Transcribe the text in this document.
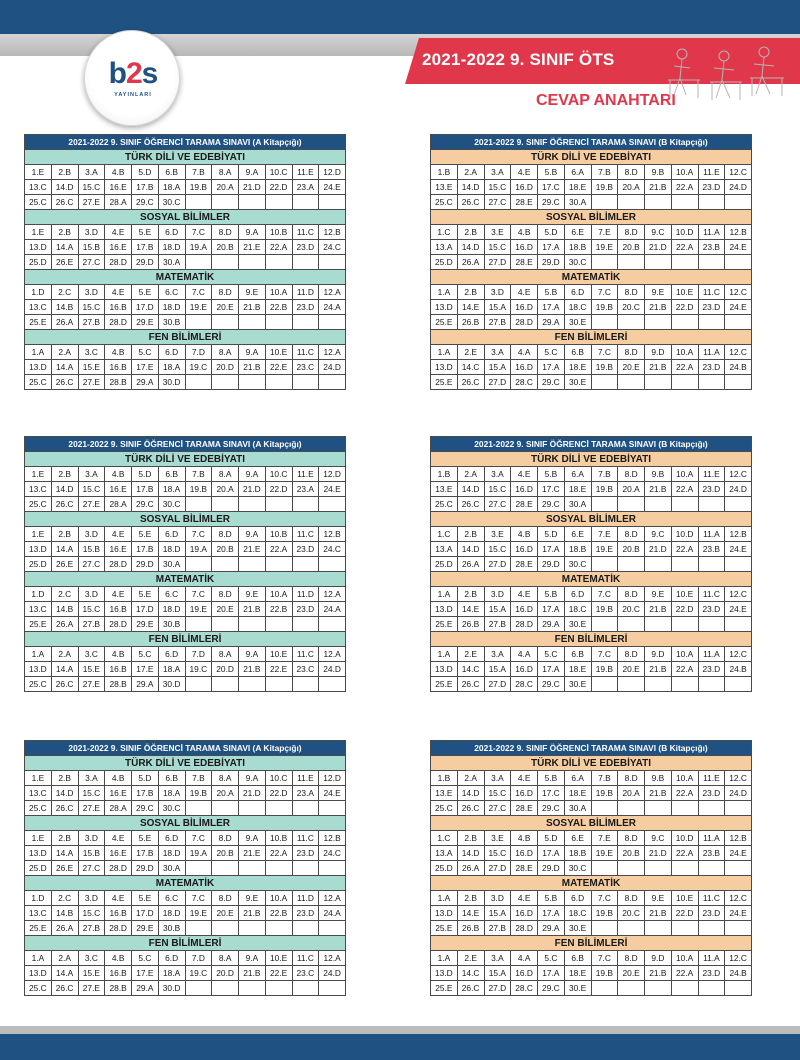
2021-2022 9. SINIF ÖTS
CEVAP ANAHTARI
b2s
YAYINLARI
2021-2022 9. SINIF ÖĞRENCİ TARAMA SINAVI (A Kitapçığı)											
TÜRK DİLİ VE EDEBİYATI											
1.E	2.B	3.A	4.B	5.D	6.B	7.B	8.A	9.A	10.C	11.E	12.D
13.C	14.D	15.C	16.E	17.B	18.A	19.B	20.A	21.D	22.D	23.A	24.E
25.C	26.C	27.E	28.A	29.C	30.C						
SOSYAL BİLİMLER											
1.E	2.B	3.D	4.E	5.E	6.D	7.C	8.D	9.A	10.B	11.C	12.B
13.D	14.A	15.B	16.E	17.B	18.D	19.A	20.B	21.E	22.A	23.D	24.C
25.D	26.E	27.C	28.D	29.D	30.A						
MATEMATİK											
1.D	2.C	3.D	4.E	5.E	6.C	7.C	8.D	9.E	10.A	11.D	12.A
13.C	14.B	15.C	16.B	17.D	18.D	19.E	20.E	21.B	22.B	23.D	24.A
25.E	26.A	27.B	28.D	29.E	30.B						
FEN BİLİMLERİ											
1.A	2.A	3.C	4.B	5.C	6.D	7.D	8.A	9.A	10.E	11.C	12.A
13.D	14.A	15.E	16.B	17.E	18.A	19.C	20.D	21.B	22.E	23.C	24.D
25.C	26.C	27.E	28.B	29.A	30.D						
2021-2022 9. SINIF ÖĞRENCİ TARAMA SINAVI (B Kitapçığı)											
TÜRK DİLİ VE EDEBİYATI											
1.B	2.A	3.A	4.E	5.B	6.A	7.B	8.D	9.B	10.A	11.E	12.C
13.E	14.D	15.C	16.D	17.C	18.E	19.B	20.A	21.B	22.A	23.D	24.D
25.C	26.C	27.C	28.E	29.C	30.A						
SOSYAL BİLİMLER											
1.C	2.B	3.E	4.B	5.D	6.E	7.E	8.D	9.C	10.D	11.A	12.B
13.A	14.D	15.C	16.D	17.A	18.B	19.E	20.B	21.D	22.A	23.B	24.E
25.D	26.A	27.D	28.E	29.D	30.C						
MATEMATİK											
1.A	2.B	3.D	4.E	5.B	6.D	7.C	8.D	9.E	10.E	11.C	12.C
13.D	14.E	15.A	16.D	17.A	18.C	19.B	20.C	21.B	22.D	23.D	24.E
25.E	26.B	27.B	28.D	29.A	30.E						
FEN BİLİMLERİ											
1.A	2.E	3.A	4.A	5.C	6.B	7.C	8.D	9.D	10.A	11.A	12.C
13.D	14.C	15.A	16.D	17.A	18.E	19.B	20.E	21.B	22.A	23.D	24.B
25.E	26.C	27.D	28.C	29.C	30.E						
2021-2022 9. SINIF ÖĞRENCİ TARAMA SINAVI (A Kitapçığı)											
TÜRK DİLİ VE EDEBİYATI											
1.E	2.B	3.A	4.B	5.D	6.B	7.B	8.A	9.A	10.C	11.E	12.D
13.C	14.D	15.C	16.E	17.B	18.A	19.B	20.A	21.D	22.D	23.A	24.E
25.C	26.C	27.E	28.A	29.C	30.C						
SOSYAL BİLİMLER											
1.E	2.B	3.D	4.E	5.E	6.D	7.C	8.D	9.A	10.B	11.C	12.B
13.D	14.A	15.B	16.E	17.B	18.D	19.A	20.B	21.E	22.A	23.D	24.C
25.D	26.E	27.C	28.D	29.D	30.A						
MATEMATİK											
1.D	2.C	3.D	4.E	5.E	6.C	7.C	8.D	9.E	10.A	11.D	12.A
13.C	14.B	15.C	16.B	17.D	18.D	19.E	20.E	21.B	22.B	23.D	24.A
25.E	26.A	27.B	28.D	29.E	30.B						
FEN BİLİMLERİ											
1.A	2.A	3.C	4.B	5.C	6.D	7.D	8.A	9.A	10.E	11.C	12.A
13.D	14.A	15.E	16.B	17.E	18.A	19.C	20.D	21.B	22.E	23.C	24.D
25.C	26.C	27.E	28.B	29.A	30.D						
2021-2022 9. SINIF ÖĞRENCİ TARAMA SINAVI (B Kitapçığı)											
TÜRK DİLİ VE EDEBİYATI											
1.B	2.A	3.A	4.E	5.B	6.A	7.B	8.D	9.B	10.A	11.E	12.C
13.E	14.D	15.C	16.D	17.C	18.E	19.B	20.A	21.B	22.A	23.D	24.D
25.C	26.C	27.C	28.E	29.C	30.A						
SOSYAL BİLİMLER											
1.C	2.B	3.E	4.B	5.D	6.E	7.E	8.D	9.C	10.D	11.A	12.B
13.A	14.D	15.C	16.D	17.A	18.B	19.E	20.B	21.D	22.A	23.B	24.E
25.D	26.A	27.D	28.E	29.D	30.C						
MATEMATİK											
1.A	2.B	3.D	4.E	5.B	6.D	7.C	8.D	9.E	10.E	11.C	12.C
13.D	14.E	15.A	16.D	17.A	18.C	19.B	20.C	21.B	22.D	23.D	24.E
25.E	26.B	27.B	28.D	29.A	30.E						
FEN BİLİMLERİ											
1.A	2.E	3.A	4.A	5.C	6.B	7.C	8.D	9.D	10.A	11.A	12.C
13.D	14.C	15.A	16.D	17.A	18.E	19.B	20.E	21.B	22.A	23.D	24.B
25.E	26.C	27.D	28.C	29.C	30.E						
2021-2022 9. SINIF ÖĞRENCİ TARAMA SINAVI (A Kitapçığı)											
TÜRK DİLİ VE EDEBİYATI											
1.E	2.B	3.A	4.B	5.D	6.B	7.B	8.A	9.A	10.C	11.E	12.D
13.C	14.D	15.C	16.E	17.B	18.A	19.B	20.A	21.D	22.D	23.A	24.E
25.C	26.C	27.E	28.A	29.C	30.C						
SOSYAL BİLİMLER											
1.E	2.B	3.D	4.E	5.E	6.D	7.C	8.D	9.A	10.B	11.C	12.B
13.D	14.A	15.B	16.E	17.B	18.D	19.A	20.B	21.E	22.A	23.D	24.C
25.D	26.E	27.C	28.D	29.D	30.A						
MATEMATİK											
1.D	2.C	3.D	4.E	5.E	6.C	7.C	8.D	9.E	10.A	11.D	12.A
13.C	14.B	15.C	16.B	17.D	18.D	19.E	20.E	21.B	22.B	23.D	24.A
25.E	26.A	27.B	28.D	29.E	30.B						
FEN BİLİMLERİ											
1.A	2.A	3.C	4.B	5.C	6.D	7.D	8.A	9.A	10.E	11.C	12.A
13.D	14.A	15.E	16.B	17.E	18.A	19.C	20.D	21.B	22.E	23.C	24.D
25.C	26.C	27.E	28.B	29.A	30.D						
2021-2022 9. SINIF ÖĞRENCİ TARAMA SINAVI (B Kitapçığı)											
TÜRK DİLİ VE EDEBİYATI											
1.B	2.A	3.A	4.E	5.B	6.A	7.B	8.D	9.B	10.A	11.E	12.C
13.E	14.D	15.C	16.D	17.C	18.E	19.B	20.A	21.B	22.A	23.D	24.D
25.C	26.C	27.C	28.E	29.C	30.A						
SOSYAL BİLİMLER											
1.C	2.B	3.E	4.B	5.D	6.E	7.E	8.D	9.C	10.D	11.A	12.B
13.A	14.D	15.C	16.D	17.A	18.B	19.E	20.B	21.D	22.A	23.B	24.E
25.D	26.A	27.D	28.E	29.D	30.C						
MATEMATİK											
1.A	2.B	3.D	4.E	5.B	6.D	7.C	8.D	9.E	10.E	11.C	12.C
13.D	14.E	15.A	16.D	17.A	18.C	19.B	20.C	21.B	22.D	23.D	24.E
25.E	26.B	27.B	28.D	29.A	30.E						
FEN BİLİMLERİ											
1.A	2.E	3.A	4.A	5.C	6.B	7.C	8.D	9.D	10.A	11.A	12.C
13.D	14.C	15.A	16.D	17.A	18.E	19.B	20.E	21.B	22.A	23.D	24.B
25.E	26.C	27.D	28.C	29.C	30.E						
